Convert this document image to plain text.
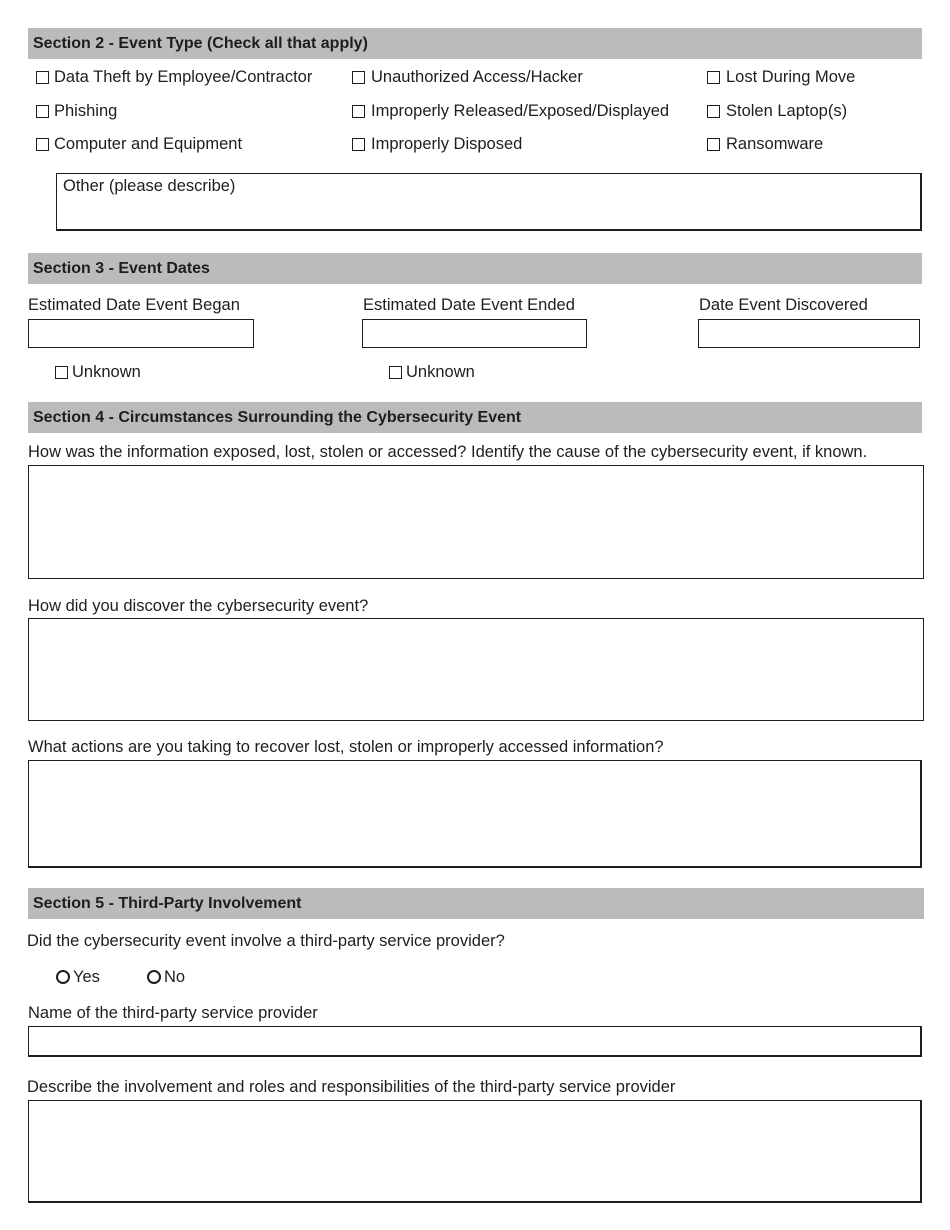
Section 2 - Event Type (Check all that apply)
Data Theft by Employee/Contractor	Unauthorized Access/Hacker	Lost During Move
Phishing	Improperly Released/Exposed/Displayed	Stolen Laptop(s)
Computer and Equipment	Improperly Disposed	Ransomware
Other (please describe)
Section 3 - Event Dates
Estimated Date Event Began	Estimated Date Event Ended	Date Event Discovered
Unknown	Unknown
Section 4 - Circumstances Surrounding the Cybersecurity Event
How was the information exposed, lost, stolen or accessed? Identify the cause of the cybersecurity event, if known.
How did you discover the cybersecurity event?
What actions are you taking to recover lost, stolen or improperly accessed information?
Section 5 - Third-Party Involvement
Did the cybersecurity event involve a third-party service provider?
Yes	No
Name of the third-party service provider
Describe the involvement and roles and responsibilities of the third-party service provider
